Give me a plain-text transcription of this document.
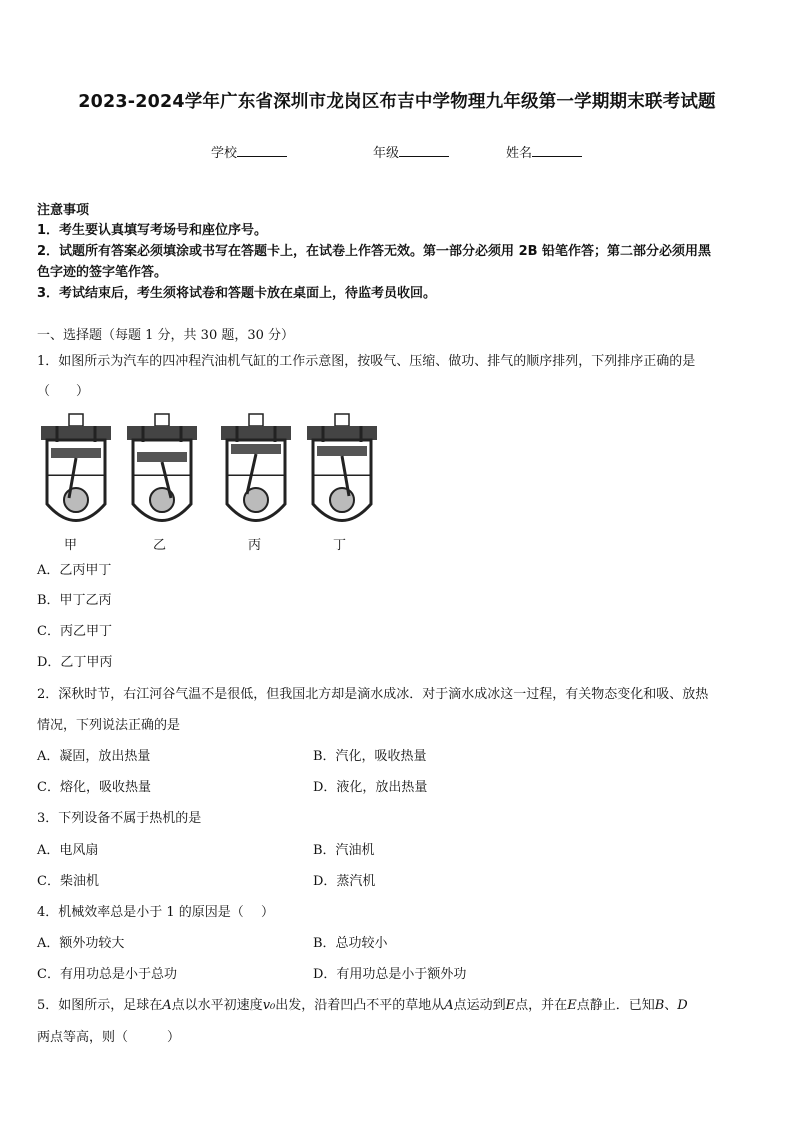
2023-2024学年广东省深圳市龙岗区布吉中学物理九年级第一学期期末联考试题
学校	年级	姓名
注意事项
1．考生要认真填写考场号和座位序号。
2．试题所有答案必须填涂或书写在答题卡上，在试卷上作答无效。第一部分必须用 2B 铅笔作答；第二部分必须用黑
色字迹的签字笔作答。
3．考试结束后，考生须将试卷和答题卡放在桌面上，待监考员收回。
一、选择题（每题 1 分，共 30 题，30 分）
1．如图所示为汽车的四冲程汽油机气缸的工作示意图，按吸气、压缩、做功、排气的顺序排列，下列排序正确的是
（　　）
甲	乙	丙	丁
A．乙丙甲丁
B．甲丁乙丙
C．丙乙甲丁
D．乙丁甲丙
2．深秋时节，右江河谷气温不是很低，但我国北方却是滴水成冰．对于滴水成冰这一过程，有关物态变化和吸、放热
情况，下列说法正确的是
A．凝固，放出热量	B．汽化，吸收热量
C．熔化，吸收热量	D．液化，放出热量
3．下列设备不属于热机的是
A．电风扇	B．汽油机
C．柴油机	D．蒸汽机
4．机械效率总是小于 1 的原因是（　 ）
A．额外功较大	B．总功较小
C．有用功总是小于总功	D．有用功总是小于额外功
5．如图所示，足球在A点以水平初速度v₀出发，沿着凹凸不平的草地从A点运动到E点，并在E点静止．已知B、D
两点等高，则（　　　）
